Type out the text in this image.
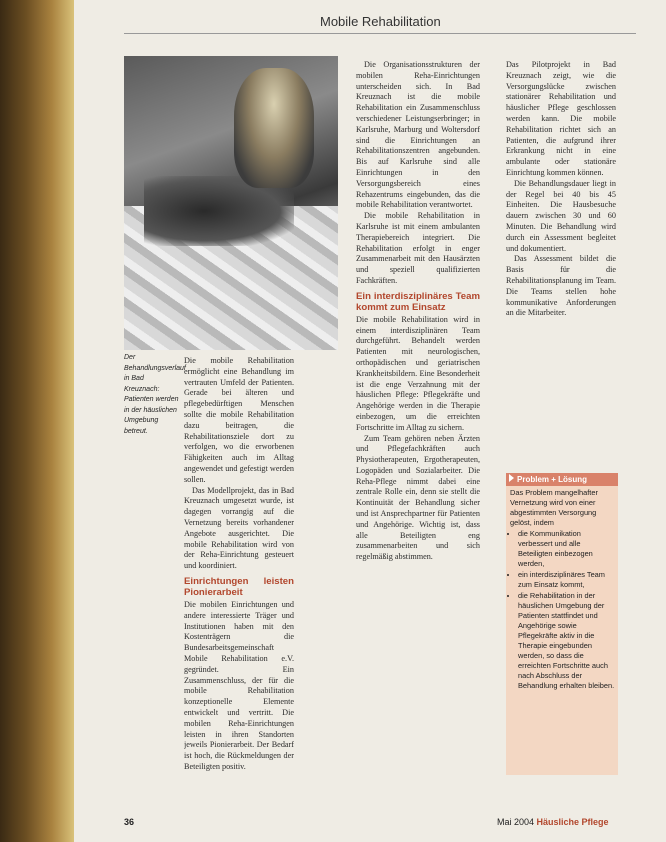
Mobile Rehabilitation
Der Behandlungsverlauf in Bad Kreuznach: Patienten werden in der häuslichen Umgebung betreut.

Die mobile Rehabilitation ermöglicht eine Behandlung im vertrauten Umfeld der Patienten. Gerade bei älteren und pflegebedürftigen Menschen sollte die mobile Rehabilitation dazu beitragen, die Rehabilitationsziele dort zu verfolgen, wo die erworbenen Fähigkeiten auch im Alltag angewendet und gefestigt werden sollen.

Das Modellprojekt, das in Bad Kreuznach umgesetzt wurde, ist dagegen vorrangig auf die Vernetzung bereits vorhandener Angebote ausgerichtet. Die mobile Rehabilitation wird von der Reha-Einrichtung gesteuert und koordiniert.

Einrichtungen leisten Pionierarbeit

Die mobilen Einrichtungen und andere interessierte Träger und Institutionen haben mit den Kostenträgern die Bundesarbeitsgemeinschaft Mobile Rehabilitation e.V. gegründet. Ein Zusammenschluss, der für die mobile Rehabilitation konzeptionelle Elemente entwickelt und vertritt. Die mobilen Reha-Einrichtungen leisten in ihren Standorten jeweils Pionierarbeit. Der Bedarf ist hoch, die Rückmeldungen der Beteiligten positiv.

Die Organisationsstrukturen der mobilen Reha-Einrichtungen unterscheiden sich. In Bad Kreuznach ist die mobile Rehabilitation ein Zusammenschluss verschiedener Leistungserbringer; in Karlsruhe, Marburg und Woltersdorf sind die Einrichtungen an Rehabilitationszentren angebunden. Bis auf Karlsruhe sind alle Einrichtungen in den Versorgungsbereich eines Rehazentrums eingebunden, das die mobile Rehabilitation verantwortet.

Die mobile Rehabilitation in Karlsruhe ist mit einem ambulanten Therapiebereich integriert. Die Rehabilitation erfolgt in enger Zusammenarbeit mit den Hausärzten und speziell qualifizierten Fachkräften.

Ein interdisziplinäres Team kommt zum Einsatz

Die mobile Rehabilitation wird in einem interdisziplinären Team durchgeführt. Behandelt werden Patienten mit neurologischen, orthopädischen und geriatrischen Krankheitsbildern. Eine Besonderheit ist die enge Verzahnung mit der häuslichen Pflege: Pflegekräfte und Angehörige werden in die Therapie einbezogen, um die erreichten Fortschritte im Alltag zu sichern.

Zum Team gehören neben Ärzten und Pflegefachkräften auch Physiotherapeuten, Ergotherapeuten, Logopäden und Sozialarbeiter. Die Reha-Pflege nimmt dabei eine zentrale Rolle ein, denn sie stellt die Kontinuität der Behandlung sicher und ist Ansprechpartner für Patienten und Angehörige. Wichtig ist, dass alle Beteiligten eng zusammenarbeiten und sich regelmäßig abstimmen.

Das Pilotprojekt in Bad Kreuznach zeigt, wie die Versorgungslücke zwischen stationärer Rehabilitation und häuslicher Pflege geschlossen werden kann. Die mobile Rehabilitation richtet sich an Patienten, die aufgrund ihrer Erkrankung nicht in eine ambulante oder stationäre Einrichtung kommen können.

Die Behandlungsdauer liegt in der Regel bei 40 bis 45 Einheiten. Die Hausbesuche dauern zwischen 30 und 60 Minuten. Die Behandlung wird durch ein Assessment begleitet und dokumentiert.

Das Assessment bildet die Basis für die Rehabilitationsplanung im Team. Die Teams stellen hohe kommunikative Anforderungen an die Mitarbeiter.

Problem + Lösung
Das Problem mangelhafter Vernetzung wird von einer abgestimmten Versorgung gelöst, indem
• die Kommunikation verbessert und alle Beteiligten einbezogen werden,
• ein interdisziplinäres Team zum Einsatz kommt,
• die Rehabilitation in der häuslichen Umgebung der Patienten stattfindet und Angehörige sowie Pflegekräfte aktiv in die Therapie eingebunden werden, so dass die erreichten Fortschritte auch nach Abschluss der Behandlung erhalten bleiben.
36	Mai 2004 Häusliche Pflege
